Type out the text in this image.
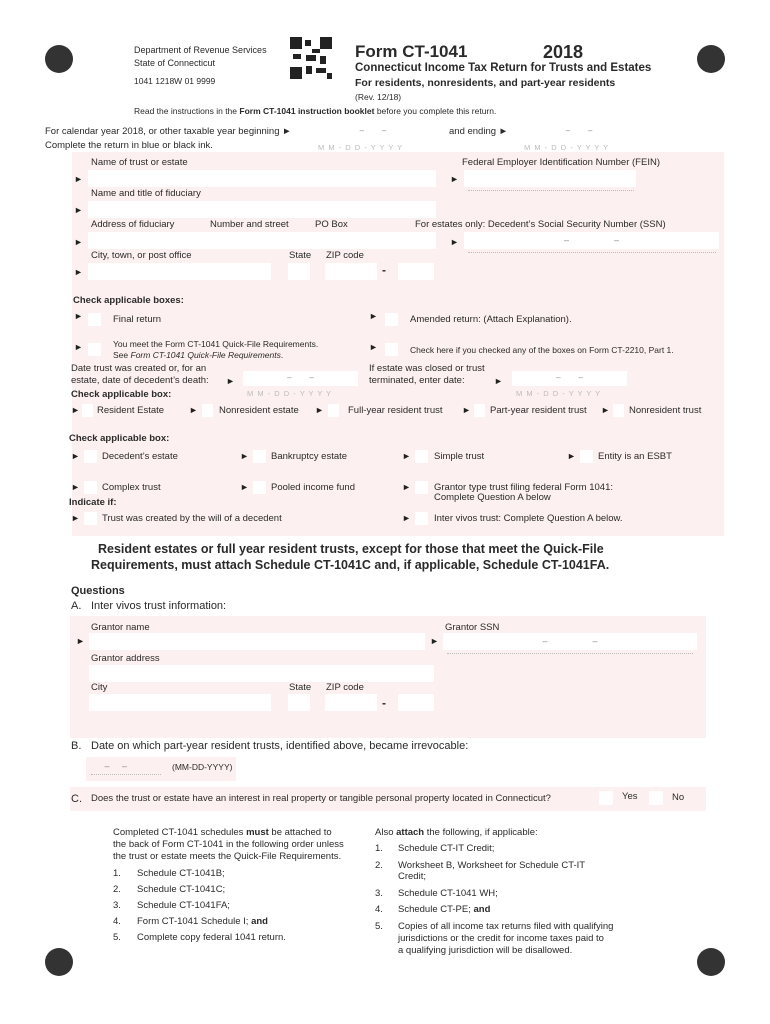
Department of Revenue Services
State of Connecticut
1041 1218W 01 9999
Form CT-1041	2018
Connecticut Income Tax Return for Trusts and Estates
For residents, nonresidents, and part-year residents
(Rev. 12/18)
Read the instructions in the Form CT-1041 instruction booklet before you complete this return.
For calendar year 2018, or other taxable year beginning ►	– –
M M - D D - Y Y Y Y
and ending ►	– –
M M - D D - Y Y Y Y
Complete the return in blue or black ink.
Name of trust or estate	Federal Employer Identification Number (FEIN)
►	►
Name and title of fiduciary
►
Address of fiduciary	Number and street	PO Box	For estates only: Decedent’s Social Security Number (SSN)
►	►	–	–
City, town, or post office	State ZIP code
►	-
Check applicable boxes:
►	Final return	►	Amended return: (Attach Explanation).
►	You meet the Form CT-1041 Quick-File Requirements.
See Form CT-1041 Quick-File Requirements.
►	Check here if you checked any of the boxes on Form CT-2210, Part 1.
Date trust was created or, for an
estate, date of decedent’s death: ►	– –
M M - D D - Y Y Y Y
If estate was closed or trust
terminated, enter date:	►	– –
M M - D D - Y Y Y Y
Check applicable box:
► Resident Estate	► Nonresident estate ►	Full-year resident trust ► Part-year resident trust ► Nonresident trust
Check applicable box:
► Decedent’s estate	► Bankruptcy estate	► Simple trust	► Entity is an ESBT
► Complex trust	► Pooled income fund	► Grantor type trust filing federal Form 1041:
Complete Question A below
Indicate if:
► Trust was created by the will of a decedent	► Inter vivos trust: Complete Question A below.
Resident estates or full year resident trusts, except for those that meet the Quick-File
Requirements, must attach Schedule CT-1041C and, if applicable, Schedule CT-1041FA.
Questions
A. Inter vivos trust information:
Grantor name	Grantor SSN
►	►	–	–
Grantor address
City	State ZIP code
-
B. Date on which part-year resident trusts, identified above, became irrevocable:
– –	(MM-DD-YYYY)
C. Does the trust or estate have an interest in real property or tangible personal property located in Connecticut?	Yes	No
Completed CT-1041 schedules must be attached to
the back of Form CT-1041 in the following order unless
the trust or estate meets the Quick-File Requirements.
1. Schedule CT-1041B;
2. Schedule CT-1041C;
3. Schedule CT-1041FA;
4. Form CT-1041 Schedule I; and
5. Complete copy federal 1041 return.
Also attach the following, if applicable:
1. Schedule CT-IT Credit;
2. Worksheet B, Worksheet for Schedule CT-IT
Credit;
3. Schedule CT-1041 WH;
4. Schedule CT-PE; and
5. Copies of all income tax returns filed with qualifying
jurisdictions or the credit for income taxes paid to
a qualifying jurisdiction will be disallowed.
